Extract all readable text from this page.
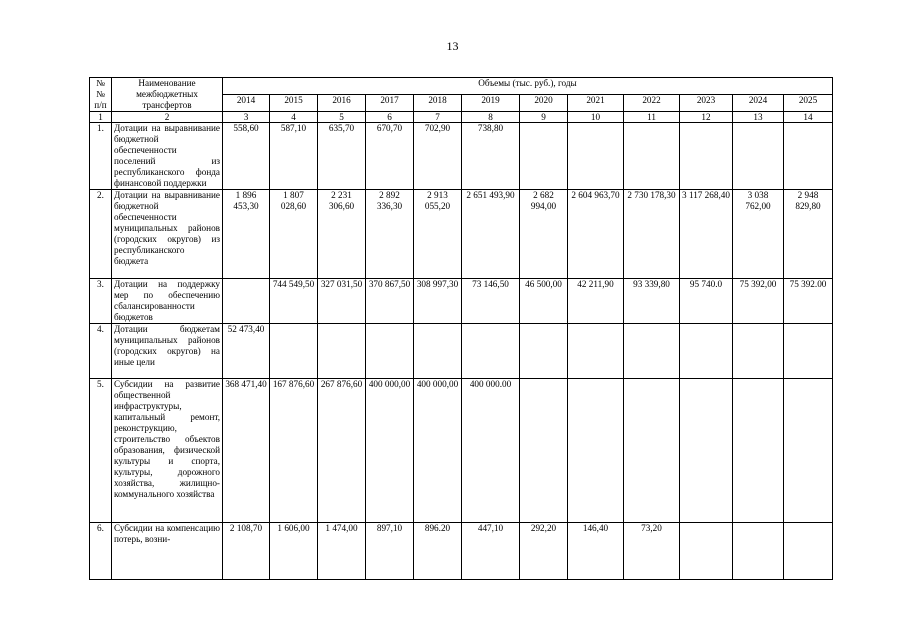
13
№№ п/п	Наименование межбюджетных трансфертов	Объемы (тыс. руб.), годы											
		2014	2015	2016	2017	2018	2019	2020	2021	2022	2023	2024	2025
1	2	3	4	5	6	7	8	9	10	11	12	13	14
1.	Дотации на выравнивание бюджетной обеспеченности поселений из республиканского фонда финансовой поддержки	558,60	587,10	635,70	670,70	702,90	738,80						
2.	Дотации на выравнивание бюджетной обеспеченности муниципальных районов (городских округов) из республиканского бюджета	1 896 453,30	1 807 028,60	2 231 306,60	2 892 336,30	2 913 055,20	2 651 493,90	2 682 994,00	2 604 963,70	2 730 178,30	3 117 268,40	3 038 762,00	2 948 829,80
3.	Дотации на поддержку мер по обеспечению сбалансированности бюджетов		744 549,50	327 031,50	370 867,50	308 997,30	73 146,50	46 500,00	42 211,90	93 339,80	95 740.0	75 392,00	75 392.00
4.	Дотации бюджетам муниципальных районов (городских округов) на иные цели	52 473,40											
5.	Субсидии на развитие общественной инфраструктуры, капитальный ремонт, реконструкцию, строительство объектов образования, физической культуры и спорта, культуры, дорожного хозяйства, жилищно-коммунального хозяйства	368 471,40	167 876,60	267 876,60	400 000,00	400 000,00	400 000.00						
6.	Субсидии на компенсацию потерь, возни-	2 108,70	1 606,00	1 474,00	897,10	896.20	447,10	292,20	146,40	73,20			
